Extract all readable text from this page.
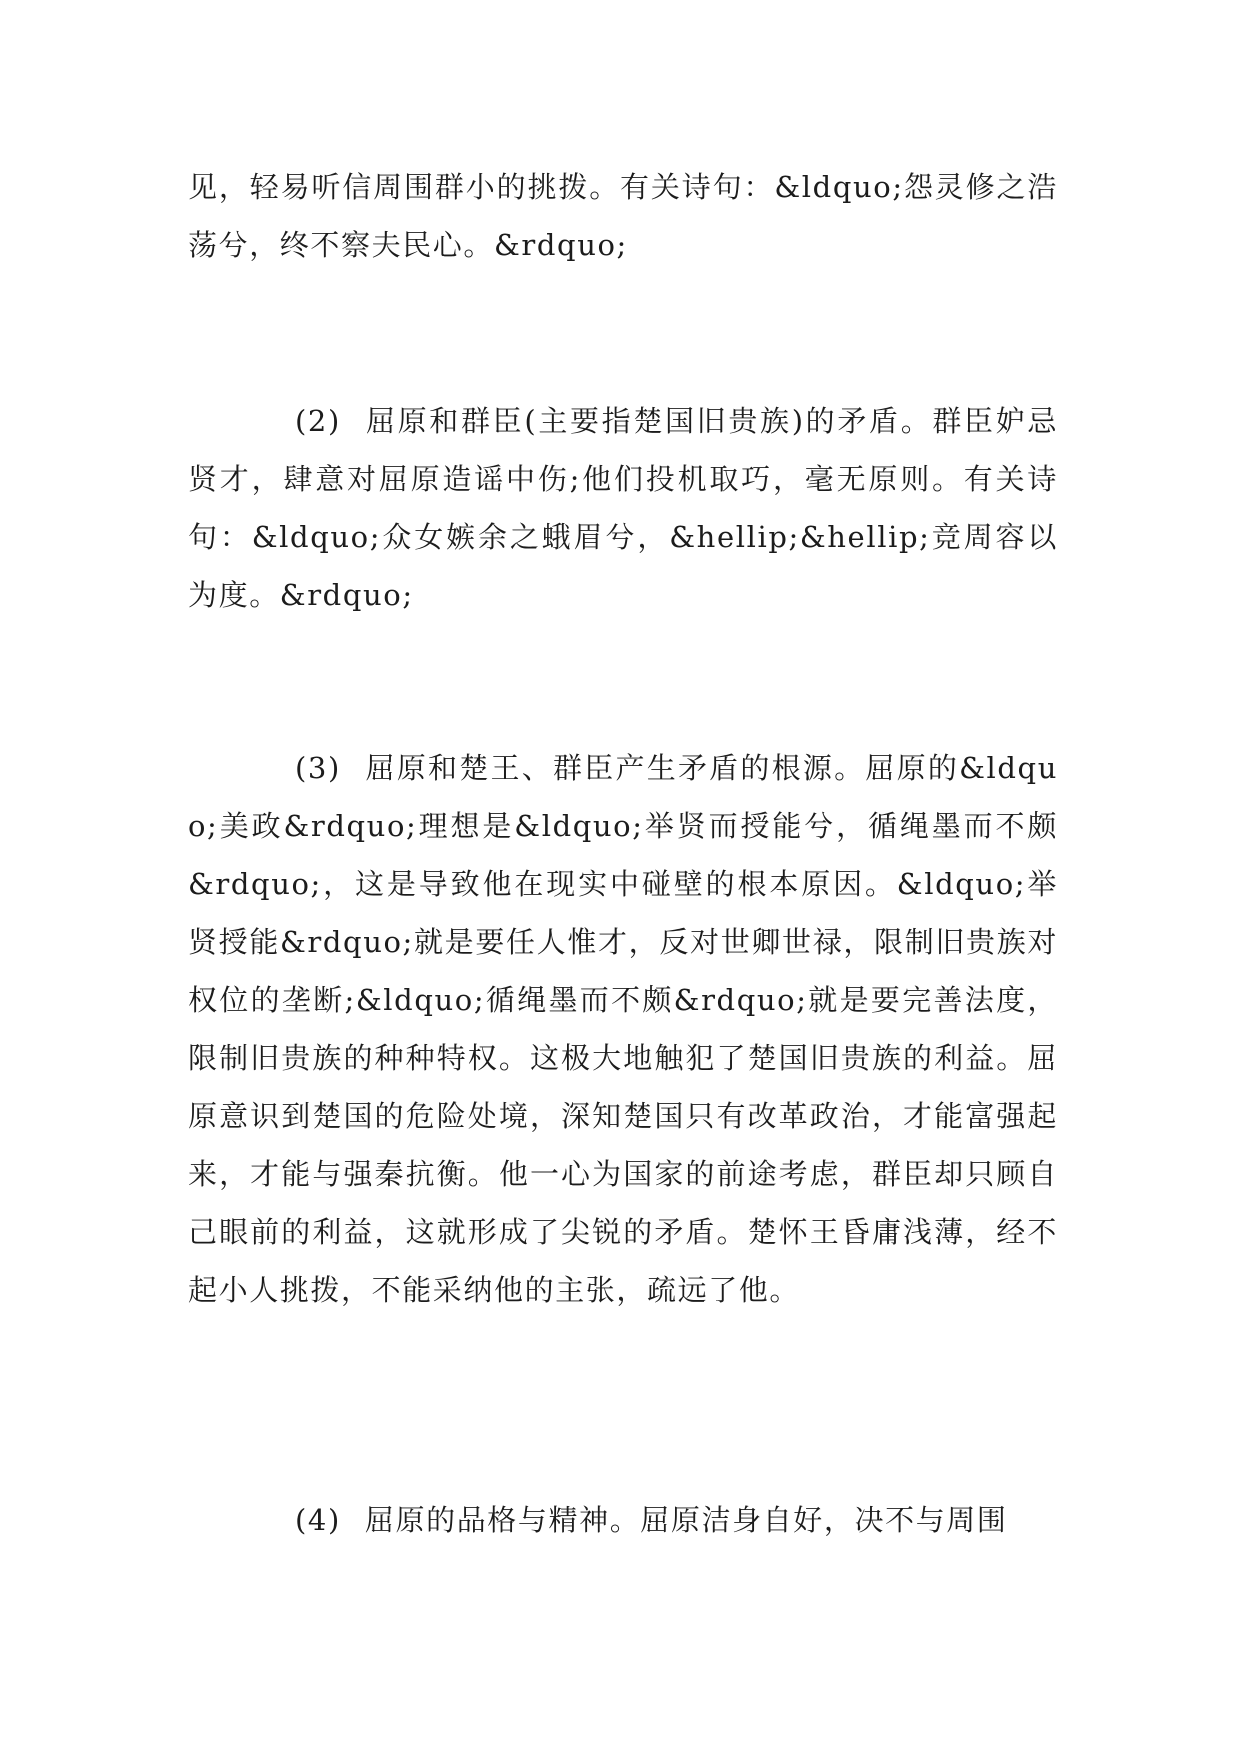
见，轻易听信周围群小的挑拨。有关诗句：&ldquo;怨灵修之浩荡兮，终不察夫民心。&rdquo;

(2) 屈原和群臣(主要指楚国旧贵族)的矛盾。群臣妒忌贤才，肆意对屈原造谣中伤;他们投机取巧，毫无原则。有关诗句：&ldquo;众女嫉余之蛾眉兮，&hellip;&hellip;竞周容以为度。&rdquo;

(3) 屈原和楚王、群臣产生矛盾的根源。屈原的&ldquo;美政&rdquo;理想是&ldquo;举贤而授能兮，循绳墨而不颇&rdquo;，这是导致他在现实中碰壁的根本原因。&ldquo;举贤授能&rdquo;就是要任人惟才，反对世卿世禄，限制旧贵族对权位的垄断;&ldquo;循绳墨而不颇&rdquo;就是要完善法度，限制旧贵族的种种特权。这极大地触犯了楚国旧贵族的利益。屈原意识到楚国的危险处境，深知楚国只有改革政治，才能富强起来，才能与强秦抗衡。他一心为国家的前途考虑，群臣却只顾自己眼前的利益，这就形成了尖锐的矛盾。楚怀王昏庸浅薄，经不起小人挑拨，不能采纳他的主张，疏远了他。

(4) 屈原的品格与精神。屈原洁身自好，决不与周围
